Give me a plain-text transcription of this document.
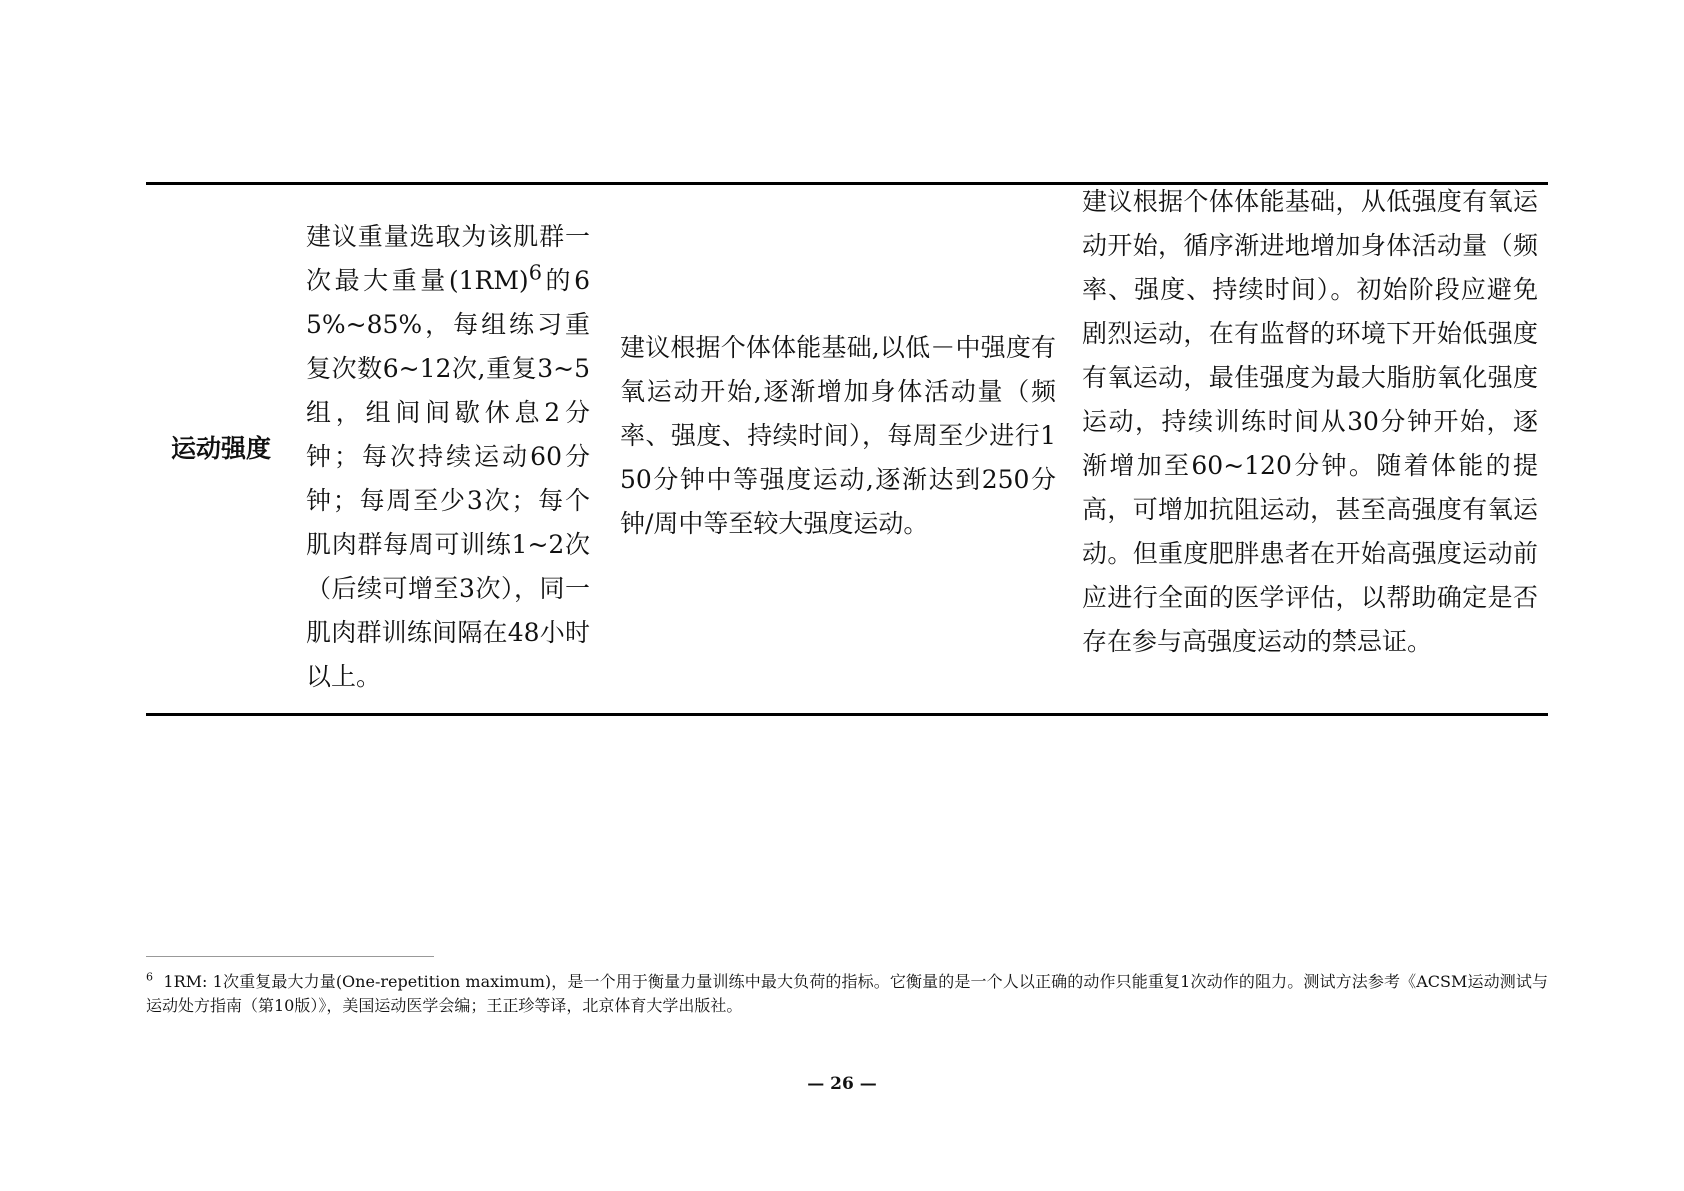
运动强度
建议重量选取为该肌群一次最大重量$(1RM)^6$的65%~85%，每组练习重复次数6~12次,重复3~5组，组间间歇休息2分钟；每次持续运动60分钟；每周至少3次；每个肌肉群每周可训练1~2次（后续可增至3次），同一肌肉群训练间隔在48小时以上。
建议根据个体体能基础,以低－中强度有氧运动开始,逐渐增加身体活动量（频率、强度、持续时间），每周至少进行150分钟中等强度运动,逐渐达到250分钟/周中等至较大强度运动。
建议根据个体体能基础，从低强度有氧运动开始，循序渐进地增加身体活动量（频率、强度、持续时间）。初始阶段应避免剧烈运动，在有监督的环境下开始低强度有氧运动，最佳强度为最大脂肪氧化强度运动，持续训练时间从30分钟开始，逐渐增加至60~120分钟。随着体能的提高，可增加抗阻运动，甚至高强度有氧运动。但重度肥胖患者在开始高强度运动前应进行全面的医学评估，以帮助确定是否存在参与高强度运动的禁忌证。
$^6$ 1RM: 1次重复最大力量(One-repetition maximum)，是一个用于衡量力量训练中最大负荷的指标。它衡量的是一个人以正确的动作只能重复1次动作的阻力。测试方法参考《ACSM运动测试与运动处方指南（第10版）》，美国运动医学会编；王正珍等译，北京体育大学出版社。
— 26 —
